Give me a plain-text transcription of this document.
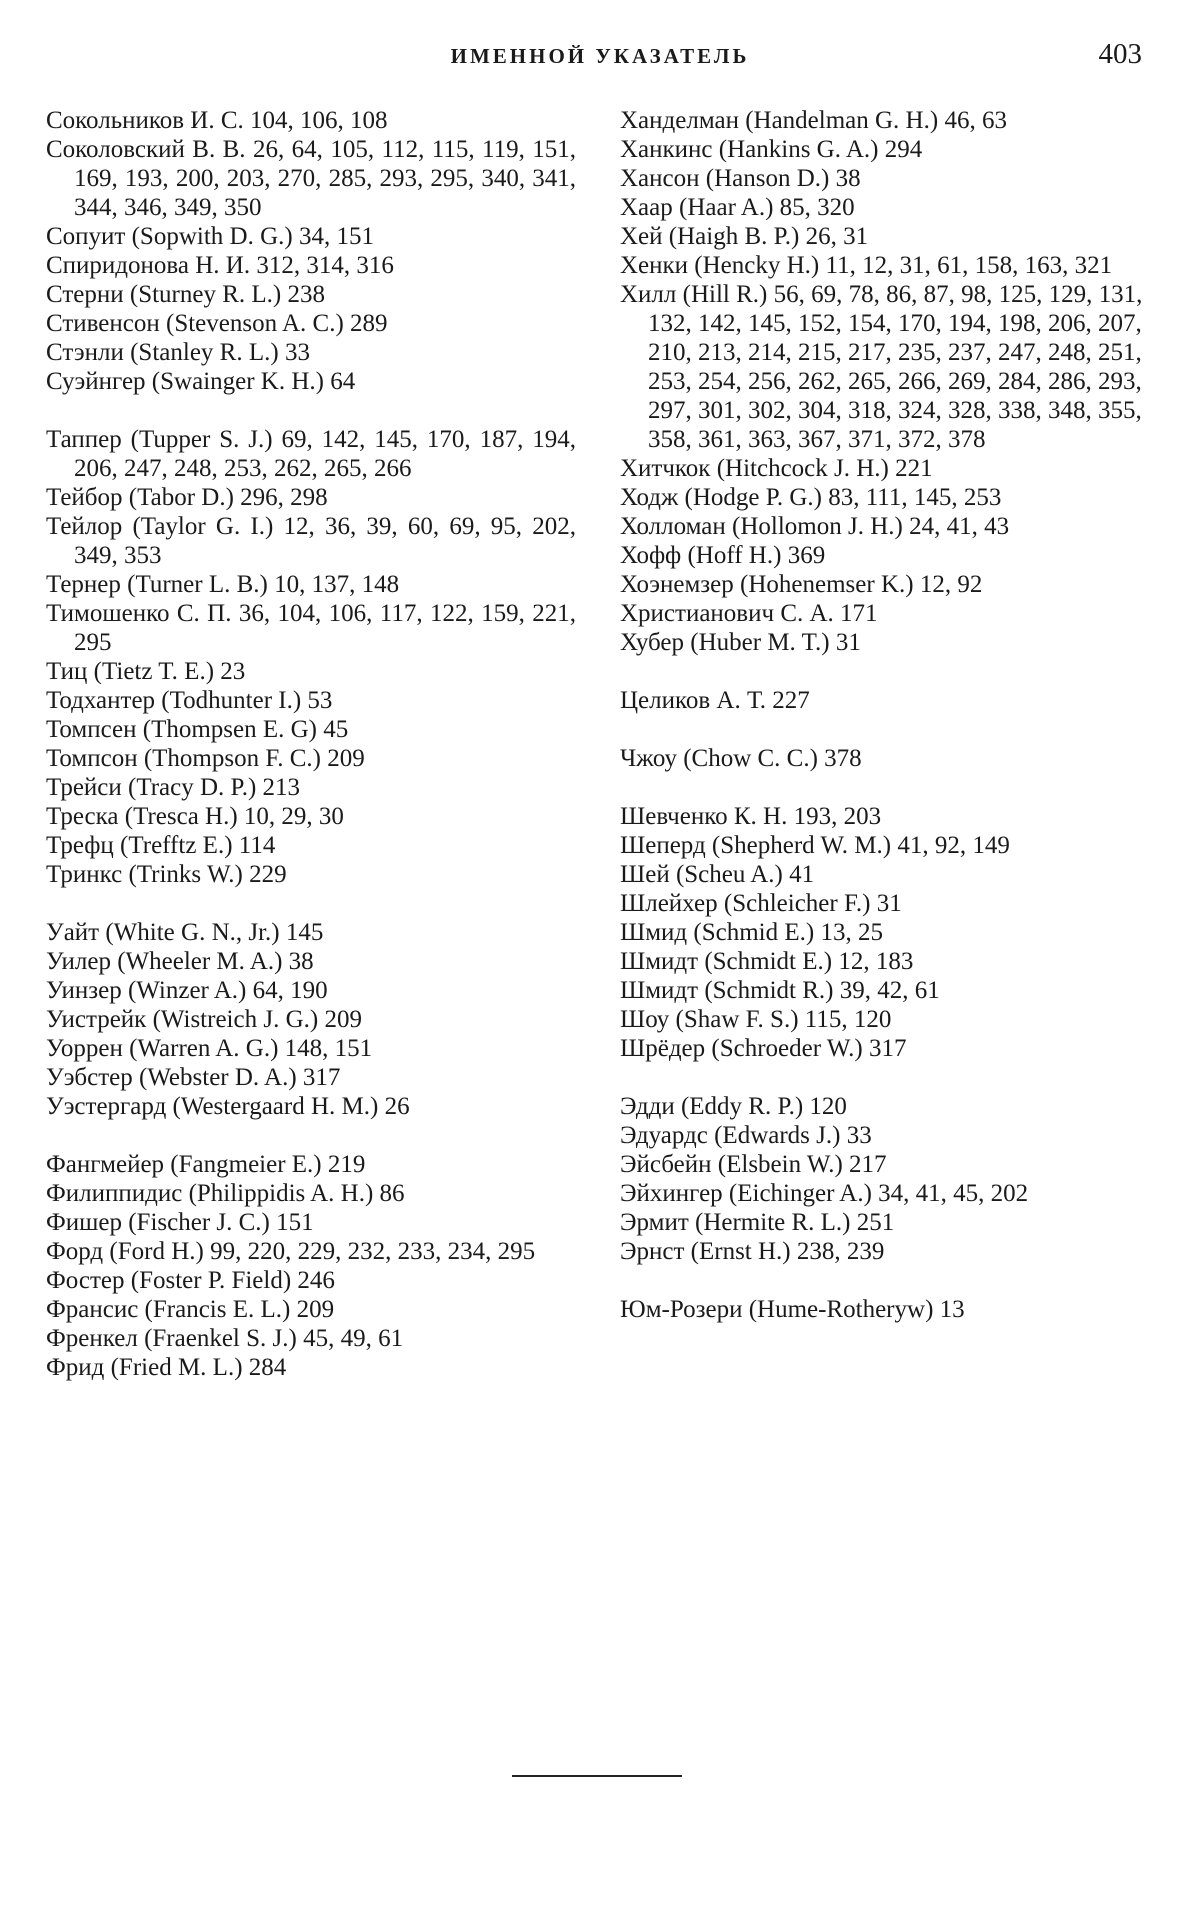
ИМЕННОЙ УКАЗАТЕЛЬ	403
Сокольников И. С. 104, 106, 108
Соколовский В. В. 26, 64, 105, 112, 115, 119, 151, 169, 193, 200, 203, 270, 285, 293, 295, 340, 341, 344, 346, 349, 350
Сопуит (Sopwith D. G.) 34, 151
Спиридонова Н. И. 312, 314, 316
Стерни (Sturney R. L.) 238
Стивенсон (Stevenson A. C.) 289
Стэнли (Stanley R. L.) 33
Суэйнгер (Swainger K. H.) 64
Таппер (Tupper S. J.) 69, 142, 145, 170, 187, 194, 206, 247, 248, 253, 262, 265, 266
Тейбор (Tabor D.) 296, 298
Тейлор (Taylor G. I.) 12, 36, 39, 60, 69, 95, 202, 349, 353
Тернер (Turner L. B.) 10, 137, 148
Тимошенко С. П. 36, 104, 106, 117, 122, 159, 221, 295
Тиц (Tietz T. E.) 23
Тодхантер (Todhunter I.) 53
Томпсен (Thompsen E. G) 45
Томпсон (Thompson F. C.) 209
Трейси (Tracy D. P.) 213
Треска (Tresca H.) 10, 29, 30
Трефц (Trefftz E.) 114
Тринкс (Trinks W.) 229
Уайт (White G. N., Jr.) 145
Уилер (Wheeler M. A.) 38
Уинзер (Winzer A.) 64, 190
Уистрейк (Wistreich J. G.) 209
Уоррен (Warren A. G.) 148, 151
Уэбстер (Webster D. A.) 317
Уэстергард (Westergaard H. M.) 26
Фангмейер (Fangmeier E.) 219
Филиппидис (Philippidis A. H.) 86
Фишер (Fischer J. C.) 151
Форд (Ford H.) 99, 220, 229, 232, 233, 234, 295
Фостер (Foster P. Field) 246
Франсис (Francis E. L.) 209
Френкел (Fraenkel S. J.) 45, 49, 61
Фрид (Fried M. L.) 284
Ханделман (Handelman G. H.) 46, 63
Ханкинс (Hankins G. A.) 294
Хансон (Hanson D.) 38
Хаар (Haar A.) 85, 320
Хей (Haigh B. P.) 26, 31
Хенки (Hencky H.) 11, 12, 31, 61, 158, 163, 321
Хилл (Hill R.) 56, 69, 78, 86, 87, 98, 125, 129, 131, 132, 142, 145, 152, 154, 170, 194, 198, 206, 207, 210, 213, 214, 215, 217, 235, 237, 247, 248, 251, 253, 254, 256, 262, 265, 266, 269, 284, 286, 293, 297, 301, 302, 304, 318, 324, 328, 338, 348, 355, 358, 361, 363, 367, 371, 372, 378
Хитчкок (Hitchcock J. H.) 221
Ходж (Hodge P. G.) 83, 111, 145, 253
Холломан (Hollomon J. H.) 24, 41, 43
Хофф (Hoff H.) 369
Хоэнемзер (Hohenemser K.) 12, 92
Христианович С. А. 171
Хубер (Huber M. T.) 31
Целиков А. Т. 227
Чжоу (Chow C. C.) 378
Шевченко К. Н. 193, 203
Шеперд (Shepherd W. M.) 41, 92, 149
Шей (Scheu A.) 41
Шлейхер (Schleicher F.) 31
Шмид (Schmid E.) 13, 25
Шмидт (Schmidt E.) 12, 183
Шмидт (Schmidt R.) 39, 42, 61
Шоу (Shaw F. S.) 115, 120
Шрёдер (Schroeder W.) 317
Эдди (Eddy R. P.) 120
Эдуардс (Edwards J.) 33
Эйсбейн (Elsbein W.) 217
Эйхингер (Eichinger A.) 34, 41, 45, 202
Эрмит (Hermite R. L.) 251
Эрнст (Ernst H.) 238, 239
Юм-Розери (Hume-Rotheryw) 13
